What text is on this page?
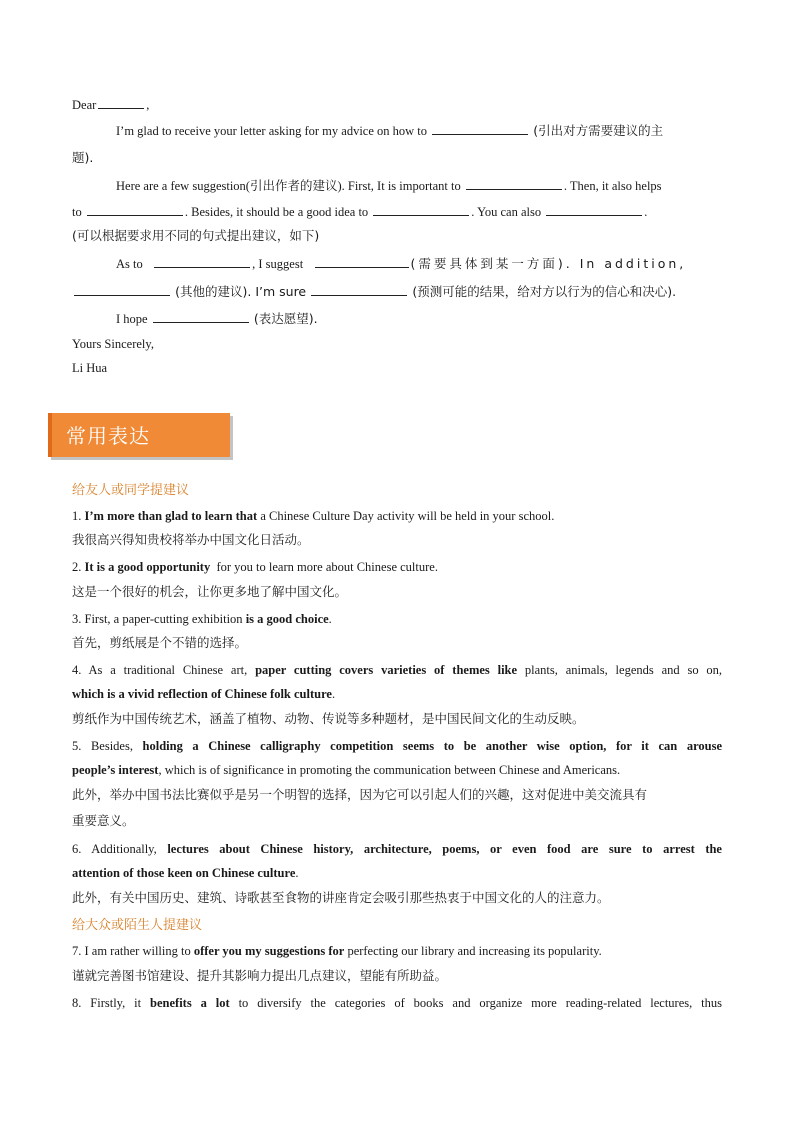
Dear	,
I’m glad to receive your letter asking for my advice on how to	(引出对方需要建议的主
题).
Here are a few suggestion(引出作者的建议). First, It is important to	. Then, it also helps
to	. Besides, it should be a good idea to	. You can also	.
(可以根据要求用不同的句式提出建议，如下)
As to	, I suggest	(需要具体到某一方面). In addition,
(其他的建议). I’m sure	(预测可能的结果，给对方以行为的信心和决心).
I hope	(表达愿望).
Yours Sincerely,
Li Hua
给友人或同学提建议
1. I’m more than glad to learn that a Chinese Culture Day activity will be held in your school.
我很高兴得知贵校将举办中国文化日活动。
2. It is a good opportunity for you to learn more about Chinese culture.
这是一个很好的机会，让你更多地了解中国文化。
3. First, a paper-cutting exhibition is a good choice.
首先，剪纸展是个不错的选择。
4. As a traditional Chinese art, paper cutting covers varieties of themes like plants, animals, legends and so on,
which is a vivid reflection of Chinese folk culture.
剪纸作为中国传统艺术，涵盖了植物、动物、传说等多种题材，是中国民间文化的生动反映。
5. Besides, holding a Chinese calligraphy competition seems to be another wise option, for it can arouse
people’s interest, which is of significance in promoting the communication between Chinese and Americans.
此外，举办中国书法比赛似乎是另一个明智的选择，因为它可以引起人们的兴趣，这对促进中美交流具有
重要意义。
6. Additionally, lectures about Chinese history, architecture, poems, or even food are sure to arrest the
attention of those keen on Chinese culture.
此外，有关中国历史、建筑、诗歌甚至食物的讲座肯定会吸引那些热衷于中国文化的人的注意力。
给大众或陌生人提建议
7. I am rather willing to offer you my suggestions for perfecting our library and increasing its popularity.
谨就完善图书馆建设、提升其影响力提出几点建议，望能有所助益。
8. Firstly, it benefits a lot to diversify the categories of books and organize more reading-related lectures, thus
常用表达
